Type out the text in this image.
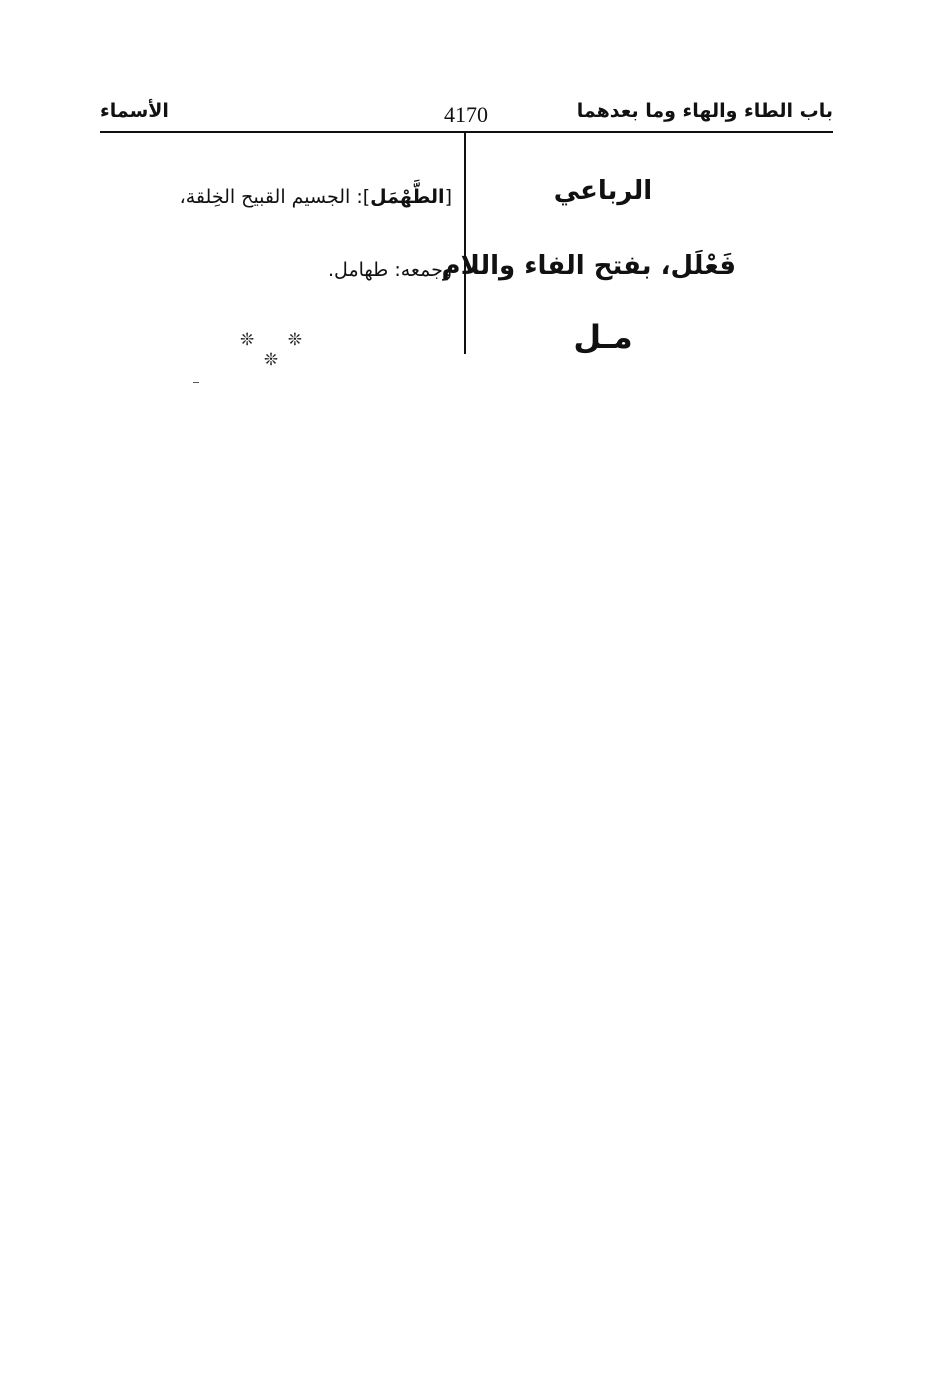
باب الطاء والهاء وما بعدهما
4170
الأسماء
الرباعي
فَعْلَل، بفتح الفاء واللام
مـل
[الطَّهْمَل]: الجسيم القبيح الخِلقة،
وجمعه: طهامل.
❊ ❊ ❊
